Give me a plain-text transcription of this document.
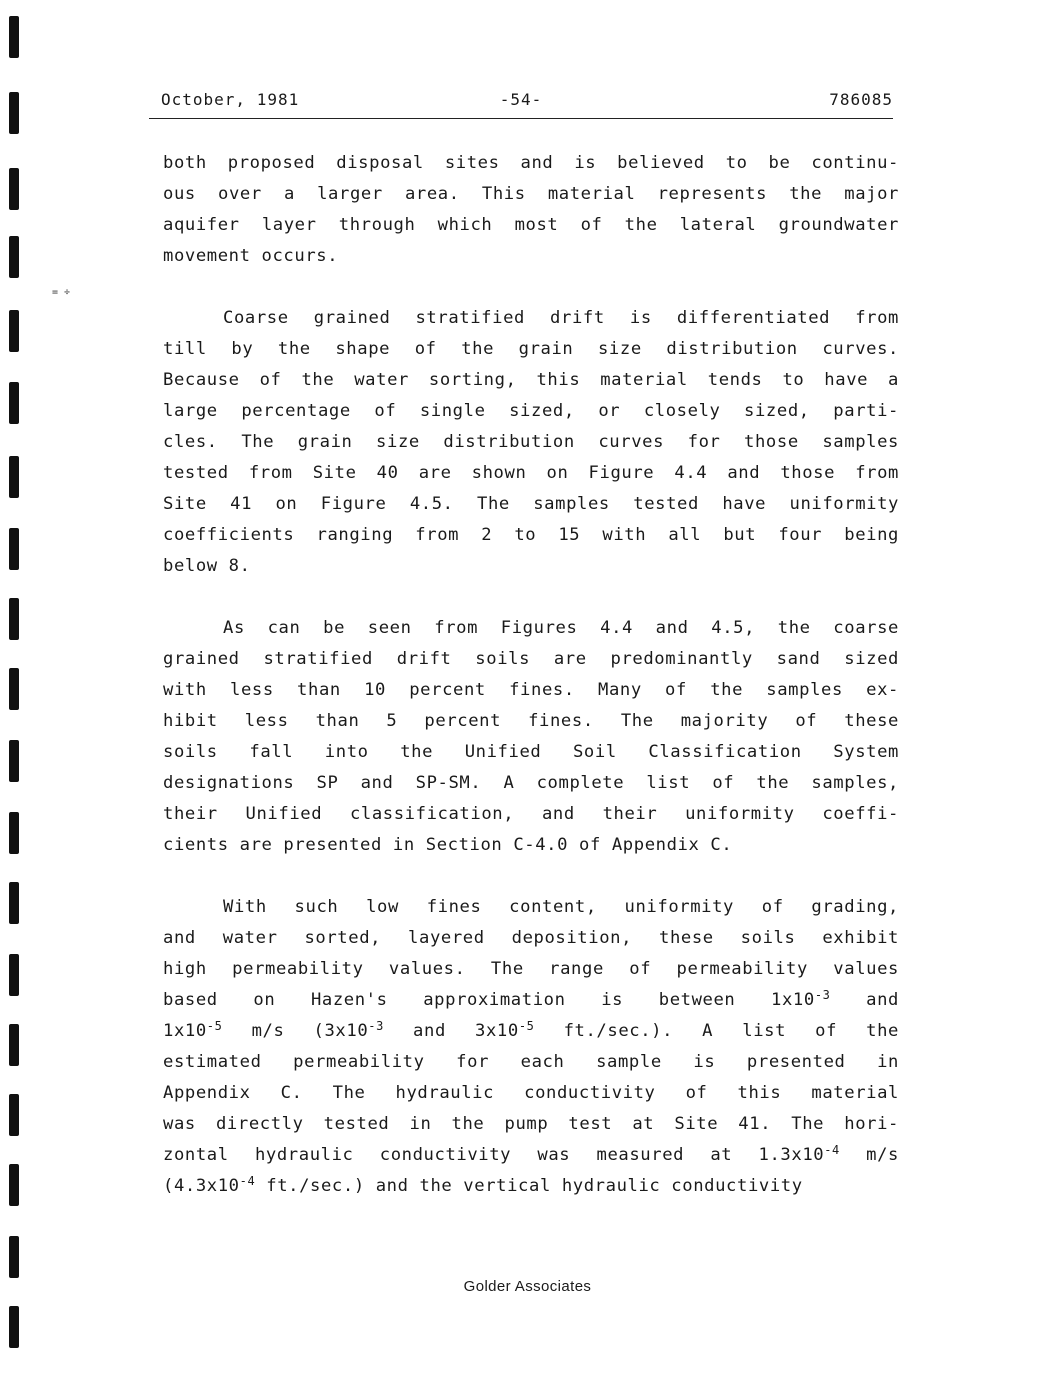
= ÷
October, 1981	-54-	786085

both proposed disposal sites and is believed to be continu-

ous over a larger area. This material represents the major

aquifer layer through which most of the lateral groundwater

movement occurs.

Coarse grained stratified drift is differentiated from

till by the shape of the grain size distribution curves.

Because of the water sorting, this material tends to have a

large percentage of single sized, or closely sized, parti-

cles. The grain size distribution curves for those samples

tested from Site 40 are shown on Figure 4.4 and those from

Site 41 on Figure 4.5. The samples tested have uniformity

coefficients ranging from 2 to 15 with all but four being

below 8.

As can be seen from Figures 4.4 and 4.5, the coarse

grained stratified drift soils are predominantly sand sized

with less than 10 percent fines. Many of the samples ex-

hibit less than 5 percent fines. The majority of these

soils fall into the Unified Soil Classification System

designations SP and SP-SM. A complete list of the samples,

their Unified classification, and their uniformity coeffi-

cients are presented in Section C-4.0 of Appendix C.

With such low fines content, uniformity of grading,

and water sorted, layered deposition, these soils exhibit

high permeability values. The range of permeability values

based on Hazen's approximation is between $1x10^{-3}$ and

$1x10^{-5}$ m/s ($3x10^{-3}$ and $3x10^{-5}$ ft./sec.). A list of the

estimated permeability for each sample is presented in

Appendix C. The hydraulic conductivity of this material

was directly tested in the pump test at Site 41. The hori-

zontal hydraulic conductivity was measured at $1.3x10^{-4}$ m/s

($4.3x10^{-4}$ ft./sec.) and the vertical hydraulic conductivity

Golder Associates
